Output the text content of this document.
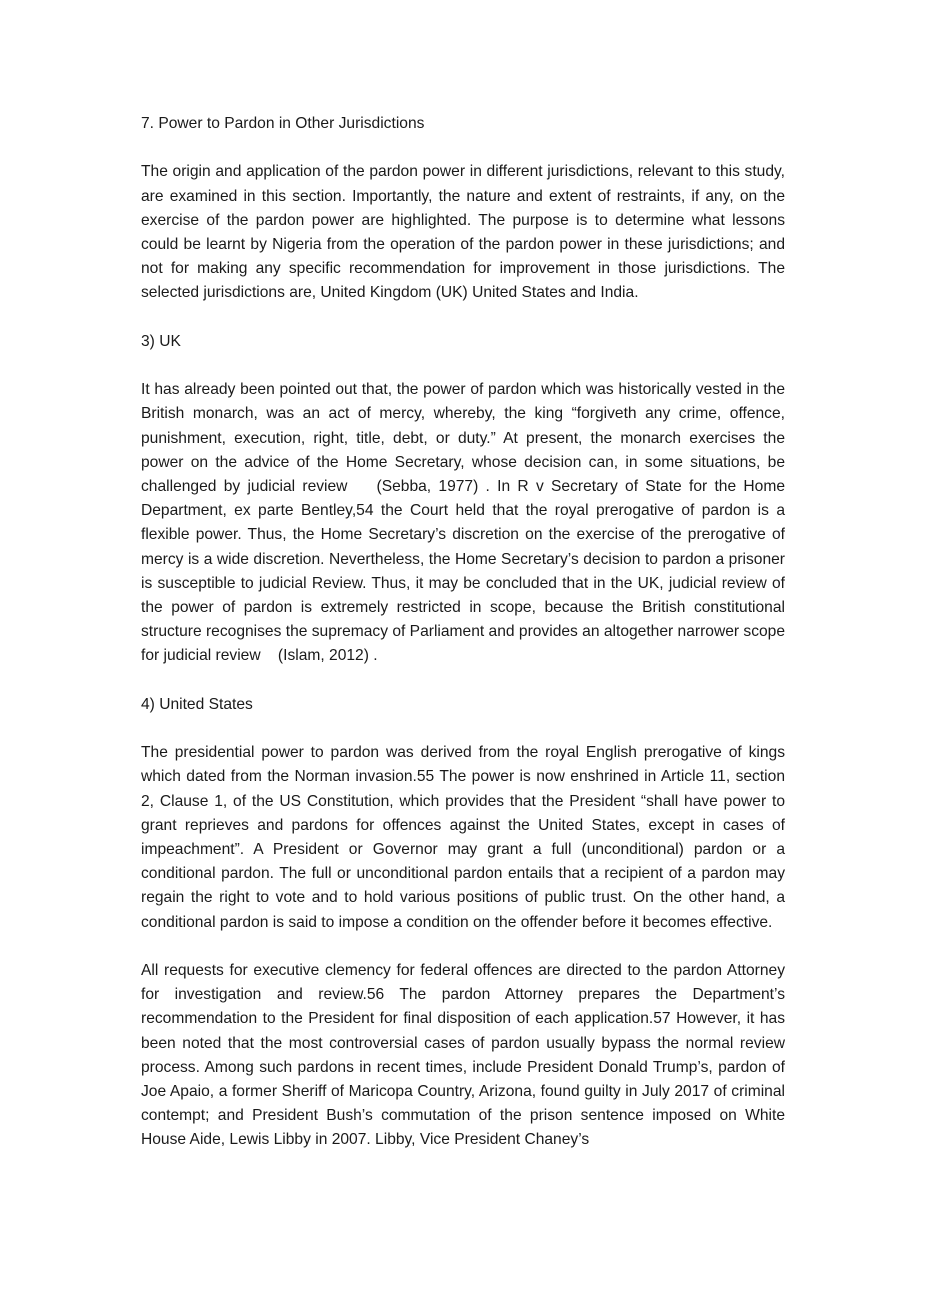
7. Power to Pardon in Other Jurisdictions

The origin and application of the pardon power in different jurisdictions, relevant to this study, are examined in this section. Importantly, the nature and extent of restraints, if any, on the exercise of the pardon power are highlighted. The purpose is to determine what lessons could be learnt by Nigeria from the operation of the pardon power in these jurisdictions; and not for making any specific recommendation for improvement in those jurisdictions. The selected jurisdictions are, United Kingdom (UK) United States and India.

3) UK

It has already been pointed out that, the power of pardon which was historically vested in the British monarch, was an act of mercy, whereby, the king “forgiveth any crime, offence, punishment, execution, right, title, debt, or duty.” At present, the monarch exercises the power on the advice of the Home Secretary, whose decision can, in some situations, be challenged by judicial review    (Sebba, 1977) . In R v Secretary of State for the Home Department, ex parte Bentley,54 the Court held that the royal prerogative of pardon is a flexible power. Thus, the Home Secretary’s discretion on the exercise of the prerogative of mercy is a wide discretion. Nevertheless, the Home Secretary’s decision to pardon a prisoner is susceptible to judicial Review. Thus, it may be concluded that in the UK, judicial review of the power of pardon is extremely restricted in scope, because the British constitutional structure recognises the supremacy of Parliament and provides an altogether narrower scope for judicial review    (Islam, 2012) .

4) United States

The presidential power to pardon was derived from the royal English prerogative of kings which dated from the Norman invasion.55 The power is now enshrined in Article 11, section 2, Clause 1, of the US Constitution, which provides that the President “shall have power to grant reprieves and pardons for offences against the United States, except in cases of impeachment”. A President or Governor may grant a full (unconditional) pardon or a conditional pardon. The full or unconditional pardon entails that a recipient of a pardon may regain the right to vote and to hold various positions of public trust. On the other hand, a conditional pardon is said to impose a condition on the offender before it becomes effective.

All requests for executive clemency for federal offences are directed to the pardon Attorney for investigation and review.56 The pardon Attorney prepares the Department’s recommendation to the President for final disposition of each application.57 However, it has been noted that the most controversial cases of pardon usually bypass the normal review process. Among such pardons in recent times, include President Donald Trump’s, pardon of Joe Apaio, a former Sheriff of Maricopa Country, Arizona, found guilty in July 2017 of criminal contempt; and President Bush’s commutation of the prison sentence imposed on White House Aide, Lewis Libby in 2007. Libby, Vice President Chaney’s
